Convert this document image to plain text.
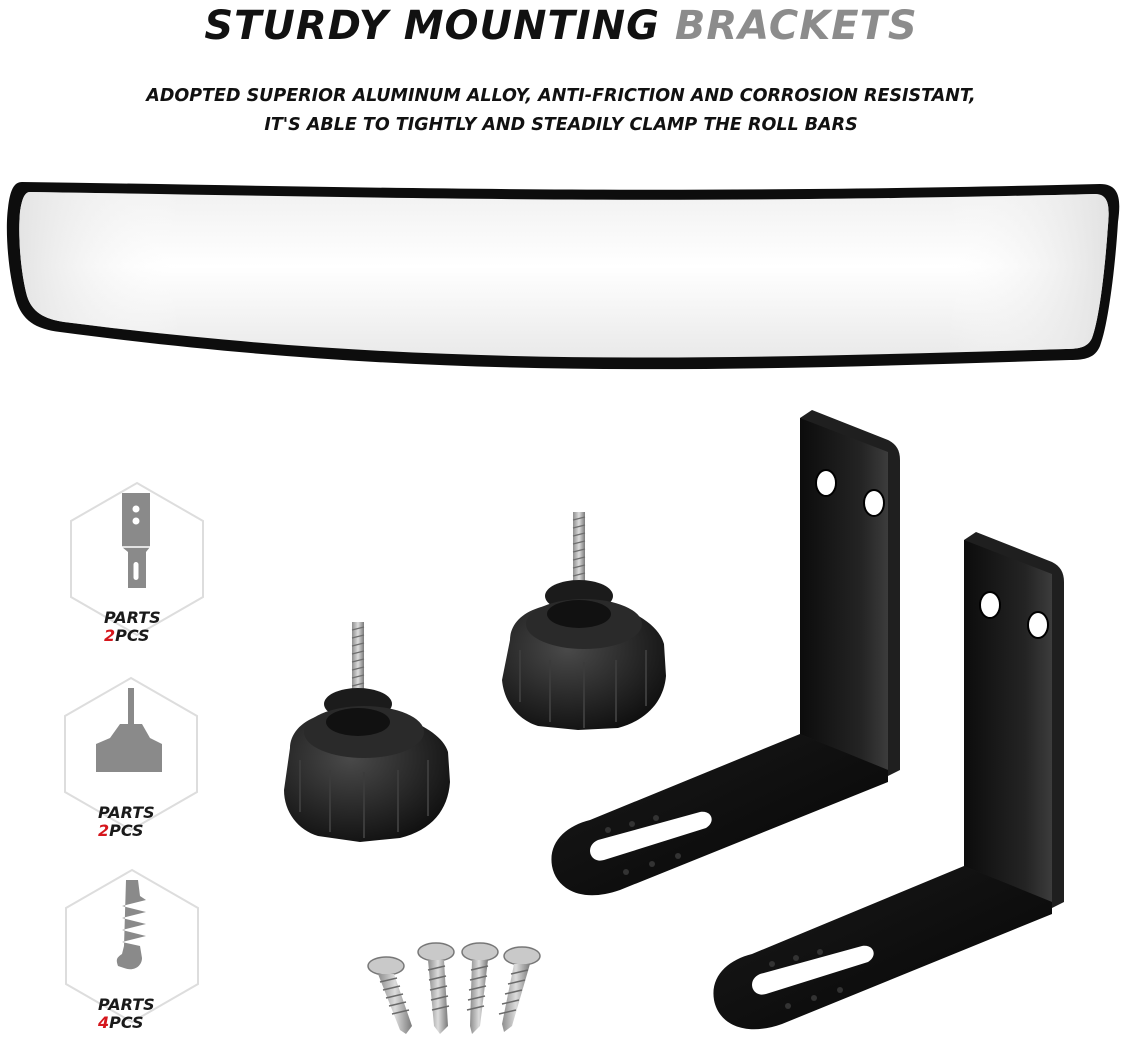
STURDY MOUNTING BRACKETS
ADOPTED SUPERIOR ALUMINUM ALLOY, ANTI-FRICTION AND CORROSION RESISTANT,
IT'S ABLE TO TIGHTLY AND STEADILY CLAMP THE ROLL BARS
PARTS
2PCS
PARTS
2PCS
PARTS
4PCS
